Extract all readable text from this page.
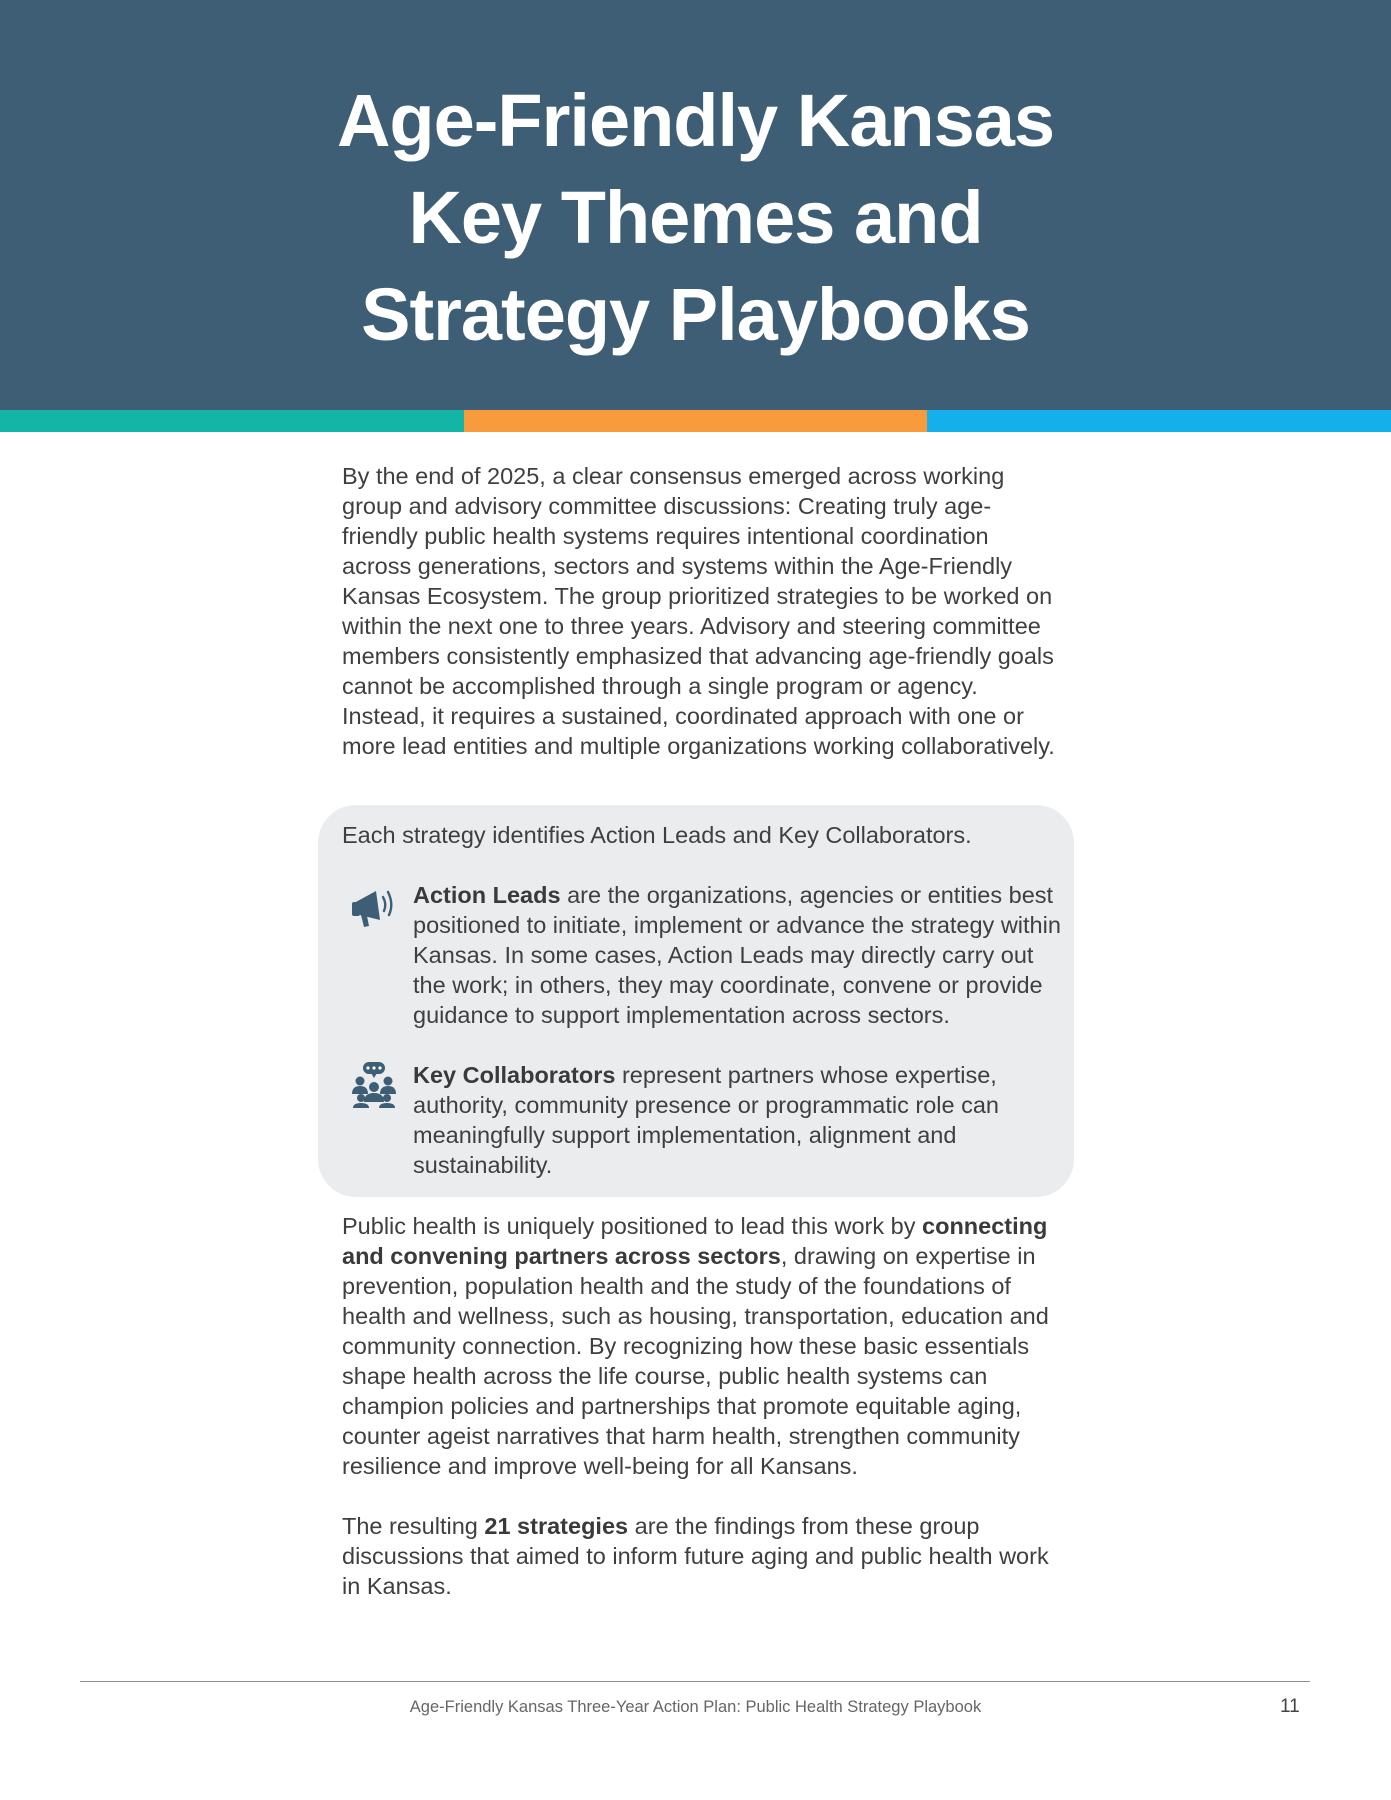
Age-Friendly Kansas
Key Themes and
Strategy Playbooks
By the end of 2025, a clear consensus emerged across working group and advisory committee discussions: Creating truly age-friendly public health systems requires intentional coordination across generations, sectors and systems within the Age-Friendly Kansas Ecosystem. The group prioritized strategies to be worked on within the next one to three years. Advisory and steering committee members consistently emphasized that advancing age-friendly goals cannot be accomplished through a single program or agency. Instead, it requires a sustained, coordinated approach with one or more lead entities and multiple organizations working collaboratively.
Each strategy identifies Action Leads and Key Collaborators.
Action Leads are the organizations, agencies or entities best positioned to initiate, implement or advance the strategy within Kansas. In some cases, Action Leads may directly carry out the work; in others, they may coordinate, convene or provide guidance to support implementation across sectors.
Key Collaborators represent partners whose expertise, authority, community presence or programmatic role can meaningfully support implementation, alignment and sustainability.
Public health is uniquely positioned to lead this work by connecting and convening partners across sectors, drawing on expertise in prevention, population health and the study of the foundations of health and wellness, such as housing, transportation, education and community connection. By recognizing how these basic essentials shape health across the life course, public health systems can champion policies and partnerships that promote equitable aging, counter ageist narratives that harm health, strengthen community resilience and improve well-being for all Kansans.
The resulting 21 strategies are the findings from these group discussions that aimed to inform future aging and public health work in Kansas.
Age-Friendly Kansas Three-Year Action Plan: Public Health Strategy Playbook	11
